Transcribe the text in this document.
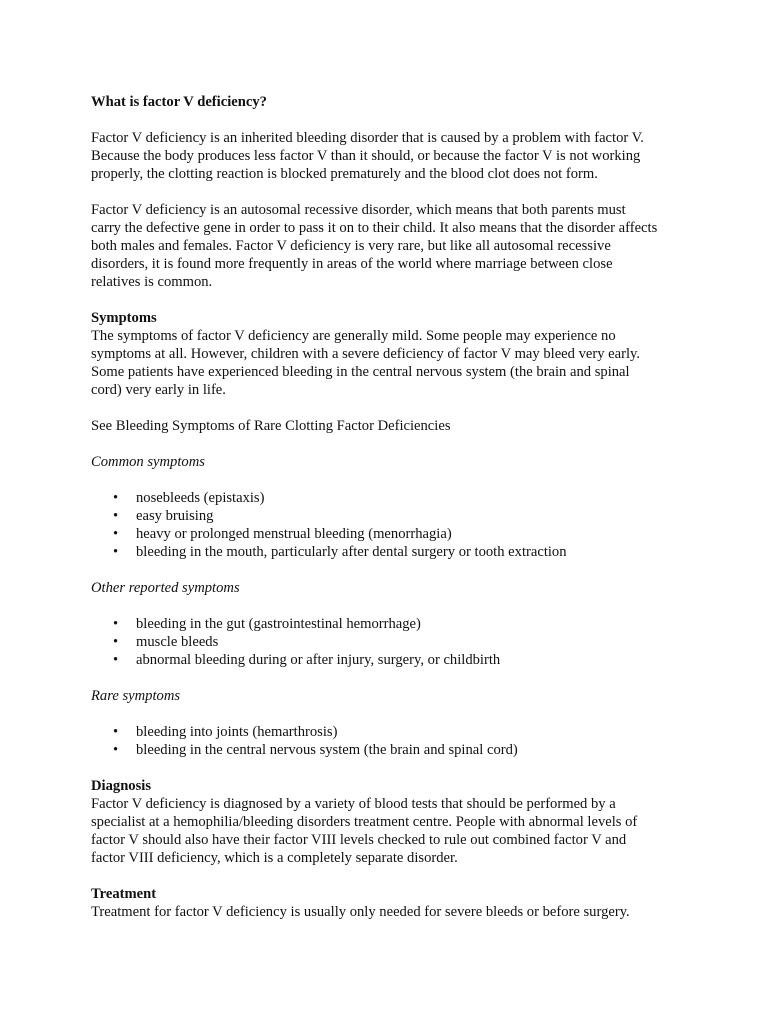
What is factor V deficiency?

Factor V deficiency is an inherited bleeding disorder that is caused by a problem with factor V.

Because the body produces less factor V than it should, or because the factor V is not working

properly, the clotting reaction is blocked prematurely and the blood clot does not form.

Factor V deficiency is an autosomal recessive disorder, which means that both parents must

carry the defective gene in order to pass it on to their child. It also means that the disorder affects

both males and females. Factor V deficiency is very rare, but like all autosomal recessive

disorders, it is found more frequently in areas of the world where marriage between close

relatives is common.

Symptoms

The symptoms of factor V deficiency are generally mild. Some people may experience no

symptoms at all. However, children with a severe deficiency of factor V may bleed very early.

Some patients have experienced bleeding in the central nervous system (the brain and spinal

cord) very early in life.

See Bleeding Symptoms of Rare Clotting Factor Deficiencies

Common symptoms

• nosebleeds (epistaxis)
• easy bruising
• heavy or prolonged menstrual bleeding (menorrhagia)
• bleeding in the mouth, particularly after dental surgery or tooth extraction

Other reported symptoms

• bleeding in the gut (gastrointestinal hemorrhage)
• muscle bleeds
• abnormal bleeding during or after injury, surgery, or childbirth

Rare symptoms

• bleeding into joints (hemarthrosis)
• bleeding in the central nervous system (the brain and spinal cord)

Diagnosis

Factor V deficiency is diagnosed by a variety of blood tests that should be performed by a

specialist at a hemophilia/bleeding disorders treatment centre. People with abnormal levels of

factor V should also have their factor VIII levels checked to rule out combined factor V and

factor VIII deficiency, which is a completely separate disorder.

Treatment

Treatment for factor V deficiency is usually only needed for severe bleeds or before surgery.
